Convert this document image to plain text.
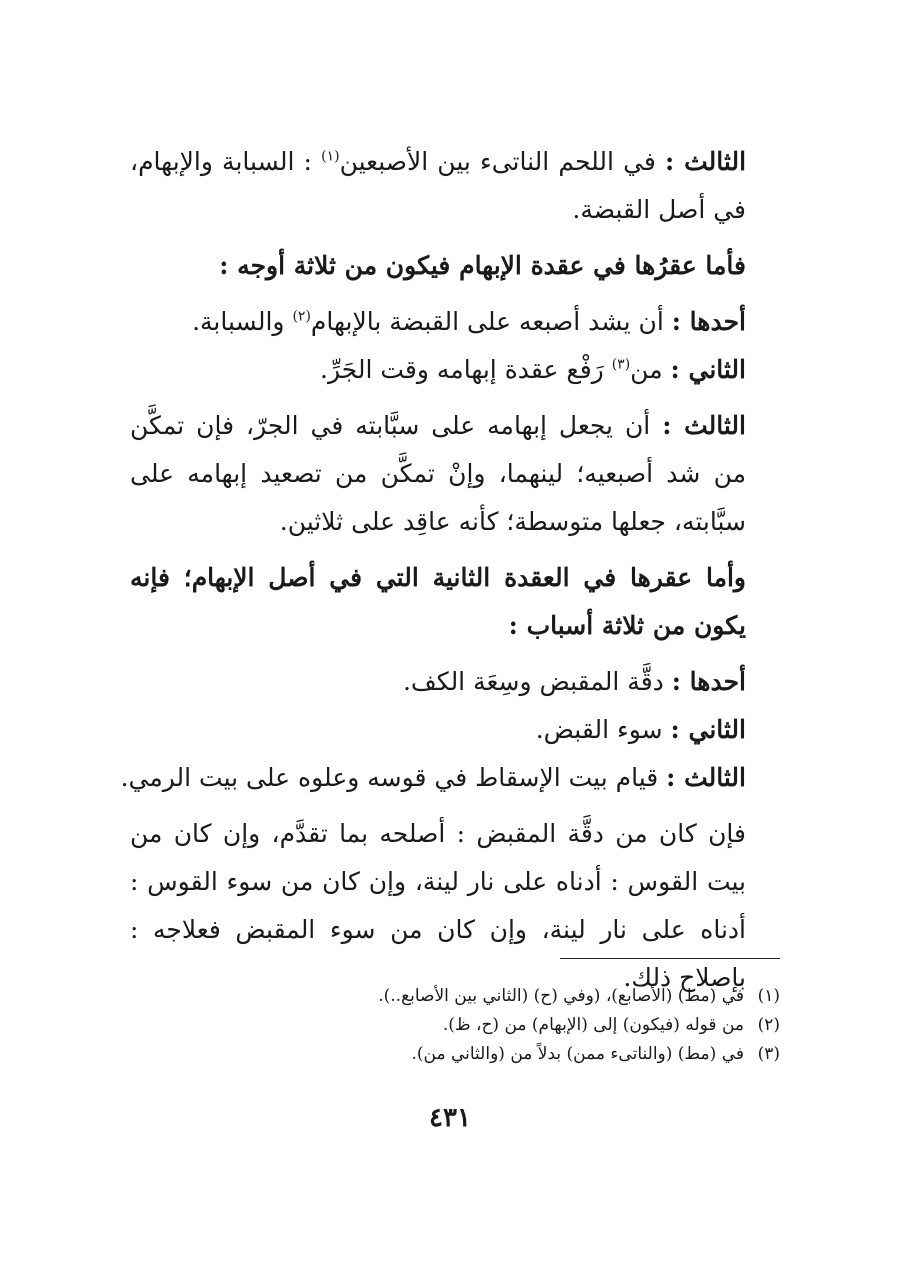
الثالث : في اللحم الناتىء بين الأصبعين$^{(١)}$ : السبابة والإبهام، في أصل القبضة.

فأما عقرُها في عقدة الإبهام فيكون من ثلاثة أوجه :

أحدها : أن يشد أصبعه على القبضة بالإبهام$^{(٢)}$ والسبابة.

الثاني : من$^{(٣)}$ رَفْع عقدة إبهامه وقت الجَرِّ.

الثالث : أن يجعل إبهامه على سبَّابته في الجرّ، فإن تمكَّن من شد أصبعيه؛ لينهما، وإنْ تمكَّن من تصعيد إبهامه على سبَّابته، جعلها متوسطة؛ كأنه عاقِد على ثلاثين.

وأما عقرها في العقدة الثانية التي في أصل الإبهام؛ فإنه يكون من ثلاثة أسباب :

أحدها : دقَّة المقبض وسِعَة الكف.

الثاني : سوء القبض.

الثالث : قيام بيت الإسقاط في قوسه وعلوه على بيت الرمي.

فإن كان من دقَّة المقبض : أصلحه بما تقدَّم، وإن كان من بيت القوس : أدناه على نار لينة، وإن كان من سوء القوس : أدناه على نار لينة، وإن كان من سوء المقبض فعلاجه : بإصلاح ذلك.

(١)في (مط) (الأصابع)، (وفي (ح) (الثاني بين الأصابع..).

(٢)من قوله (فيكون) إلى (الإبهام) من (ح، ظ).

(٣)في (مط) (والناتىء ممن) بدلاً من (والثاني من).

٤٣١
